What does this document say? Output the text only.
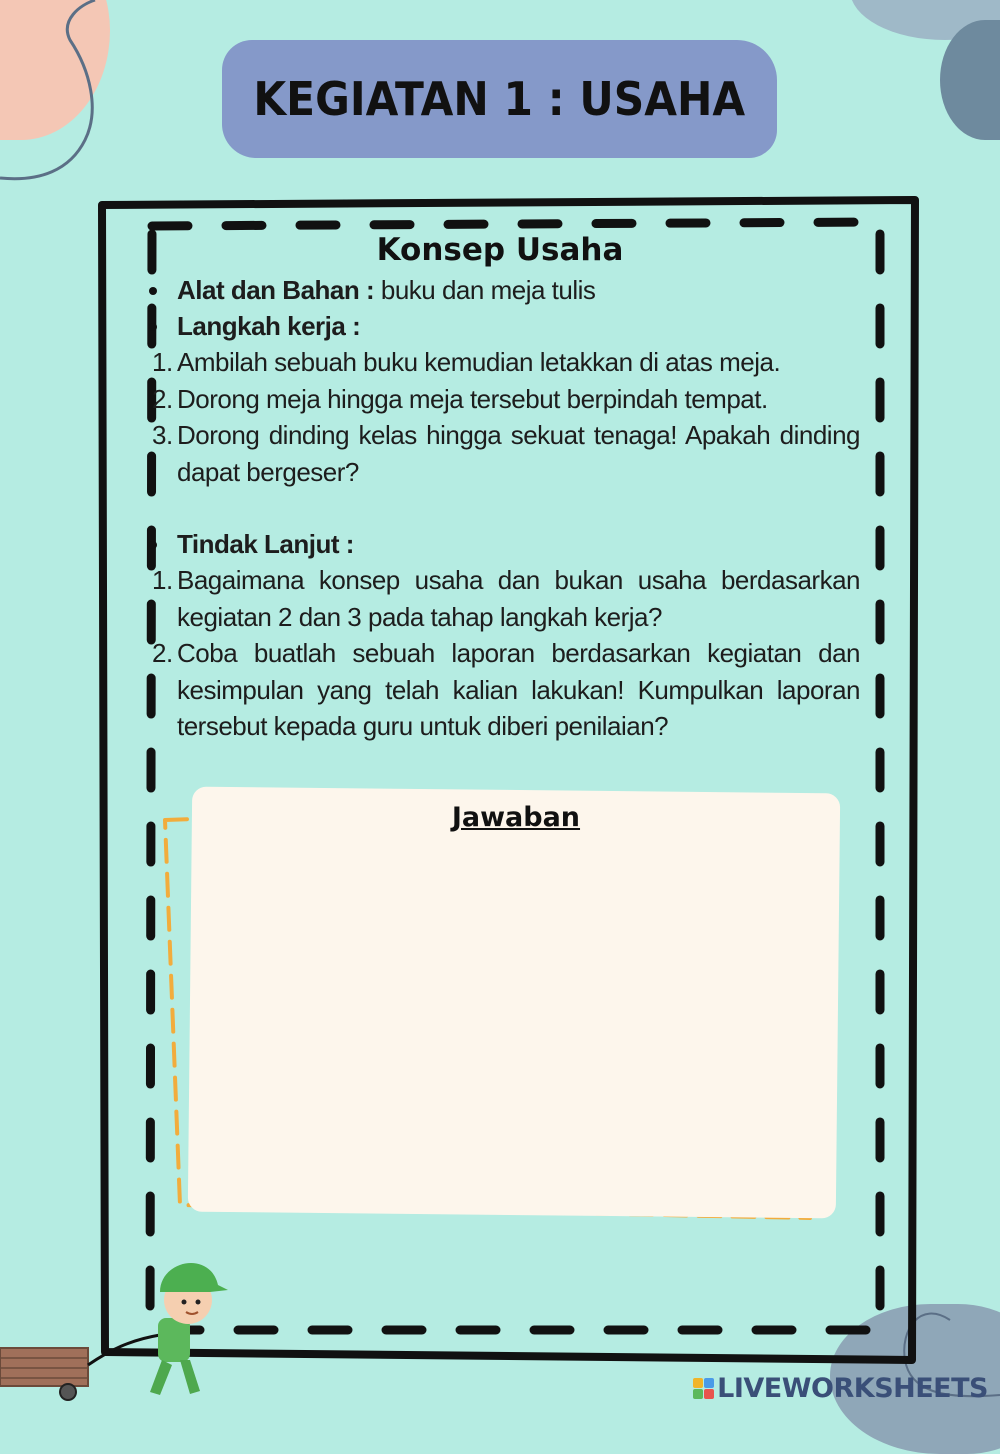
KEGIATAN 1 : USAHA
Konsep Usaha
Alat dan Bahan : buku dan meja tulis
Langkah kerja :
1. Ambilah sebuah buku kemudian letakkan di atas meja.
2. Dorong meja hingga meja tersebut berpindah tempat.
3. Dorong dinding kelas hingga sekuat tenaga! Apakah dinding dapat bergeser?
Tindak Lanjut :
1. Bagaimana konsep usaha dan bukan usaha berdasarkan kegiatan 2 dan 3 pada tahap langkah kerja?
2. Coba buatlah sebuah laporan berdasarkan kegiatan dan kesimpulan yang telah kalian lakukan! Kumpulkan laporan tersebut kepada guru untuk diberi penilaian?
Jawaban
LIVEWORKSHEETS
